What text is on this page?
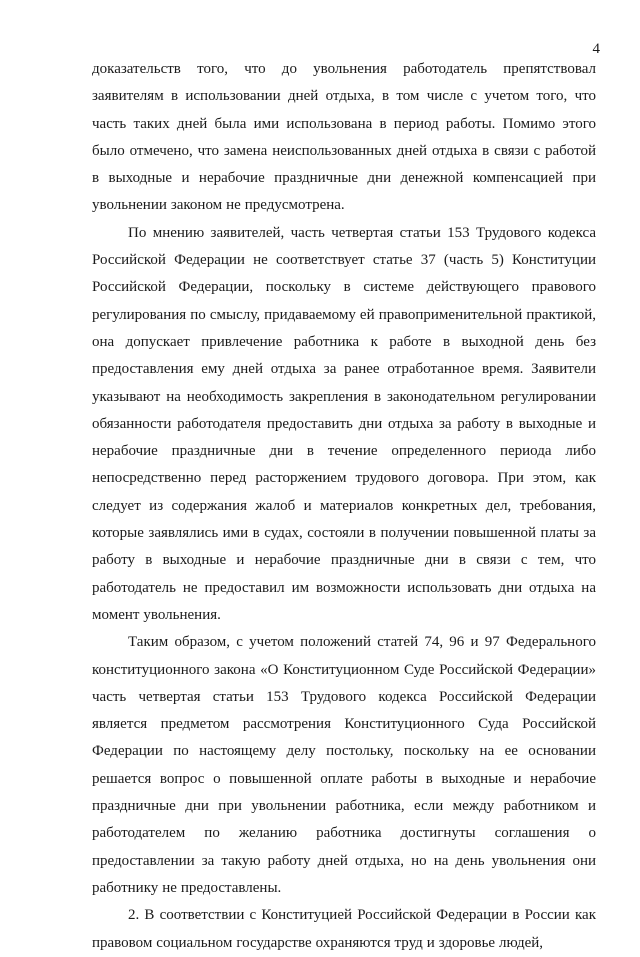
4

доказательств того, что до увольнения работодатель препятствовал заявителям в использовании дней отдыха, в том числе с учетом того, что часть таких дней была ими использована в период работы. Помимо этого было отмечено, что замена неиспользованных дней отдыха в связи с работой в выходные и нерабочие праздничные дни денежной компенсацией при увольнении законом не предусмотрена.

По мнению заявителей, часть четвертая статьи 153 Трудового кодекса Российской Федерации не соответствует статье 37 (часть 5) Конституции Российской Федерации, поскольку в системе действующего правового регулирования по смыслу, придаваемому ей правоприменительной практикой, она допускает привлечение работника к работе в выходной день без предоставления ему дней отдыха за ранее отработанное время. Заявители указывают на необходимость закрепления в законодательном регулировании обязанности работодателя предоставить дни отдыха за работу в выходные и нерабочие праздничные дни в течение определенного периода либо непосредственно перед расторжением трудового договора. При этом, как следует из содержания жалоб и материалов конкретных дел, требования, которые заявлялись ими в судах, состояли в получении повышенной платы за работу в выходные и нерабочие праздничные дни в связи с тем, что работодатель не предоставил им возможности использовать дни отдыха на момент увольнения.

Таким образом, с учетом положений статей 74, 96 и 97 Федерального конституционного закона «О Конституционном Суде Российской Федерации» часть четвертая статьи 153 Трудового кодекса Российской Федерации является предметом рассмотрения Конституционного Суда Российской Федерации по настоящему делу постольку, поскольку на ее основании решается вопрос о повышенной оплате работы в выходные и нерабочие праздничные дни при увольнении работника, если между работником и работодателем по желанию работника достигнуты соглашения о предоставлении за такую работу дней отдыха, но на день увольнения они работнику не предоставлены.

2. В соответствии с Конституцией Российской Федерации в России как правовом социальном государстве охраняются труд и здоровье людей,
